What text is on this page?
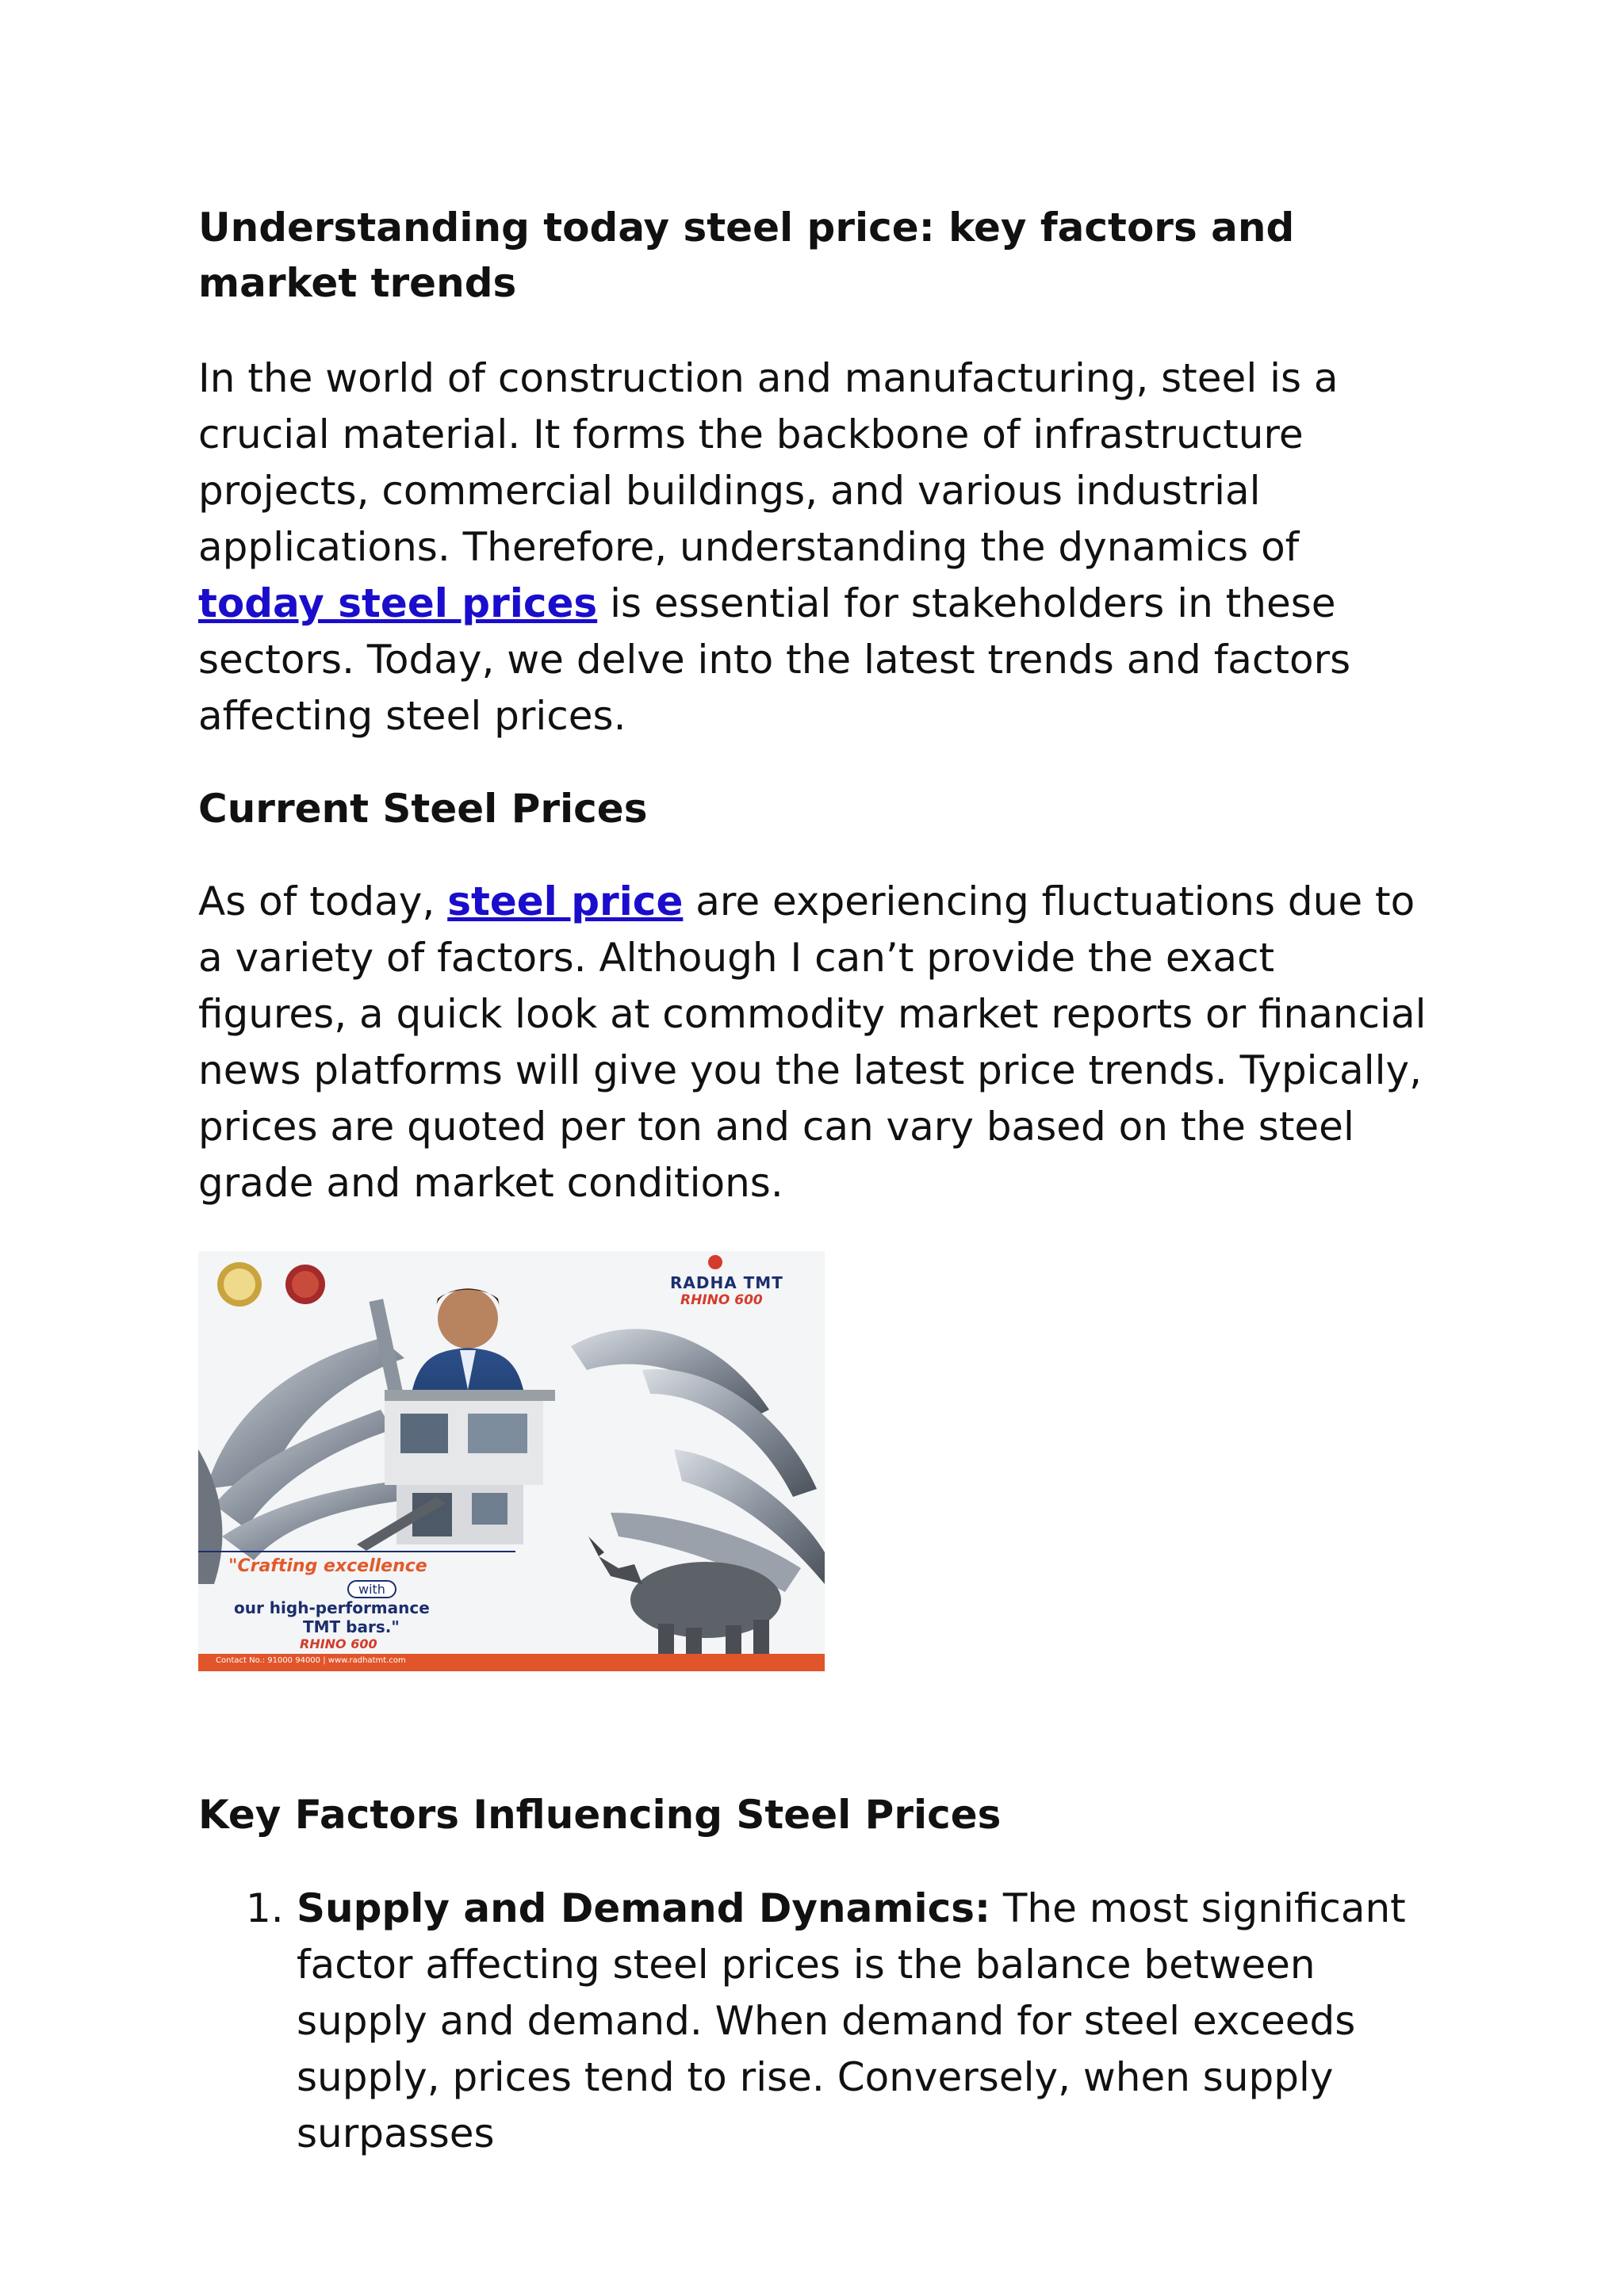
Understanding today steel price: key factors and market trends

In the world of construction and manufacturing, steel is a crucial material. It forms the backbone of infrastructure projects, commercial buildings, and various industrial applications. Therefore, understanding the dynamics of today steel prices is essential for stakeholders in these sectors. Today, we delve into the latest trends and factors affecting steel prices.

Current Steel Prices

As of today, steel price are experiencing fluctuations due to a variety of factors. Although I can’t provide the exact figures, a quick look at commodity market reports or financial news platforms will give you the latest price trends. Typically, prices are quoted per ton and can vary based on the steel grade and market conditions.

RADHA TMT
RHINO 600
"Crafting excellence
with
our high-performance
TMT bars."
RHINO 600
Contact No.: 91000 94000 | www.radhatmt.com
Key Factors Influencing Steel Prices
1. Supply and Demand Dynamics: The most significant factor affecting steel prices is the balance between supply and demand. When demand for steel exceeds supply, prices tend to rise. Conversely, when supply surpasses
